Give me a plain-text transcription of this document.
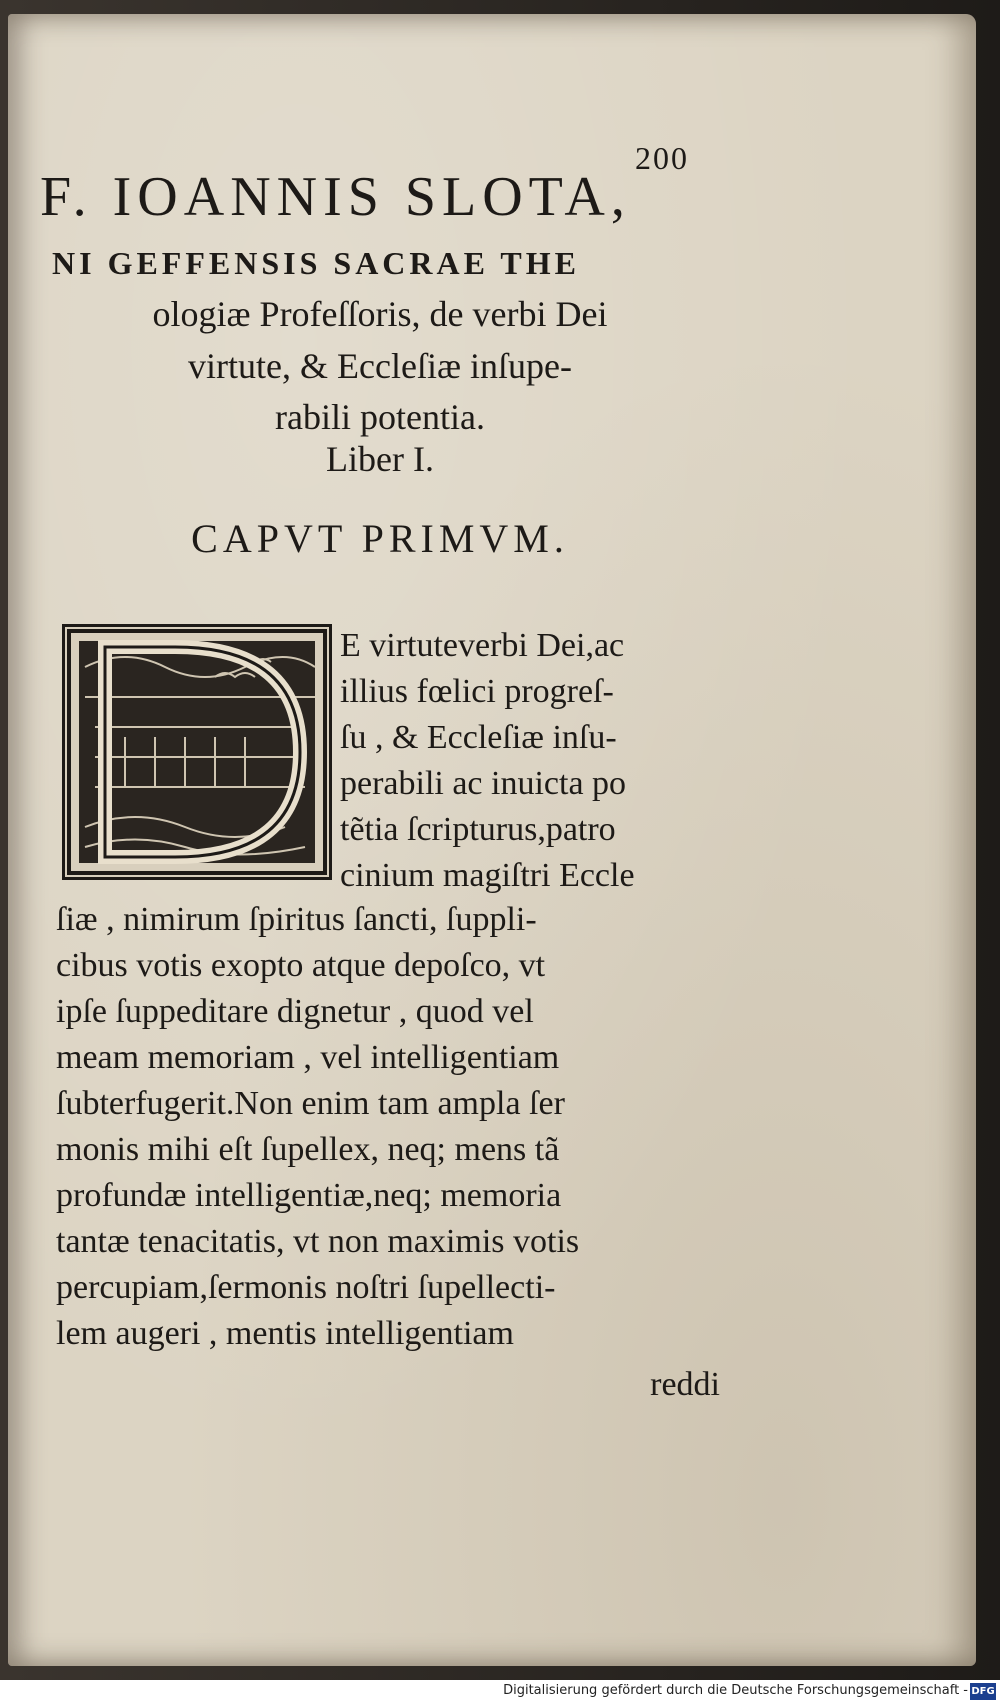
200
F. IOANNIS SLOTA,
NI GEFFENSIS SACRAE THE
ologiæ Profeſſoris, de verbi Dei
virtute, & Eccleſiæ inſupe-
rabili potentia.
Liber I.
CAPVT PRIMVM.
E virtuteverbi Dei,ac
illius fœlici progreſ-
ſu , & Eccleſiæ inſu-
perabili ac inuicta po
tẽtia ſcripturus,patro
cinium magiſtri Eccle
ſiæ , nimirum ſpiritus ſancti, ſuppli-
cibus votis exopto atque depoſco, vt
ipſe ſuppeditare dignetur , quod vel
meam memoriam , vel intelligentiam
ſubterfugerit.Non enim tam ampla ſer
monis mihi eſt ſupellex, neq; mens tã
profundæ intelligentiæ,neq; memoria
tantæ tenacitatis, vt non maximis votis
percupiam,ſermonis noſtri ſupellecti-
lem augeri , mentis intelligentiam
reddi
Digitalisierung gefördert durch die Deutsche Forschungsgemeinschaft - DFG
